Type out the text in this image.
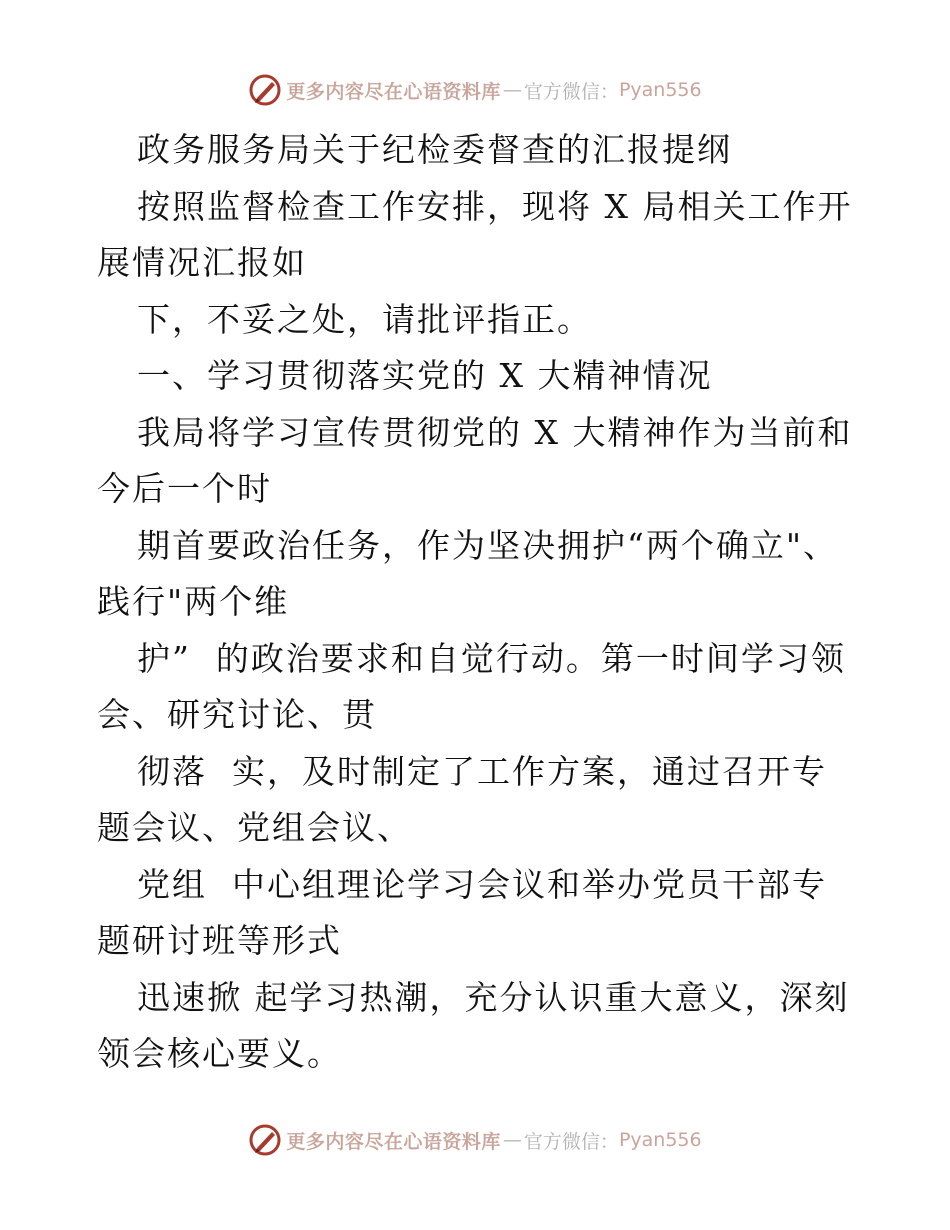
更多内容尽在心语资料库 — 官方微信： Pyan556

政务服务局关于纪检委督查的汇报提纲

按照监督检查工作安排，现将 X 局相关工作开展情况汇报如

下，不妥之处，请批评指正。

一、学习贯彻落实党的 X 大精神情况

我局将学习宣传贯彻党的 X 大精神作为当前和今后一个时

期首要政治任务，作为坚决拥护“两个确立"、践行"两个维

护”  的政治要求和自觉行动。第一时间学习领会、研究讨论、贯

彻落  实，及时制定了工作方案，通过召开专题会议、党组会议、

党组  中心组理论学习会议和举办党员干部专题研讨班等形式

迅速掀 起学习热潮，充分认识重大意义，深刻领会核心要义。

更多内容尽在心语资料库 — 官方微信： Pyan556
